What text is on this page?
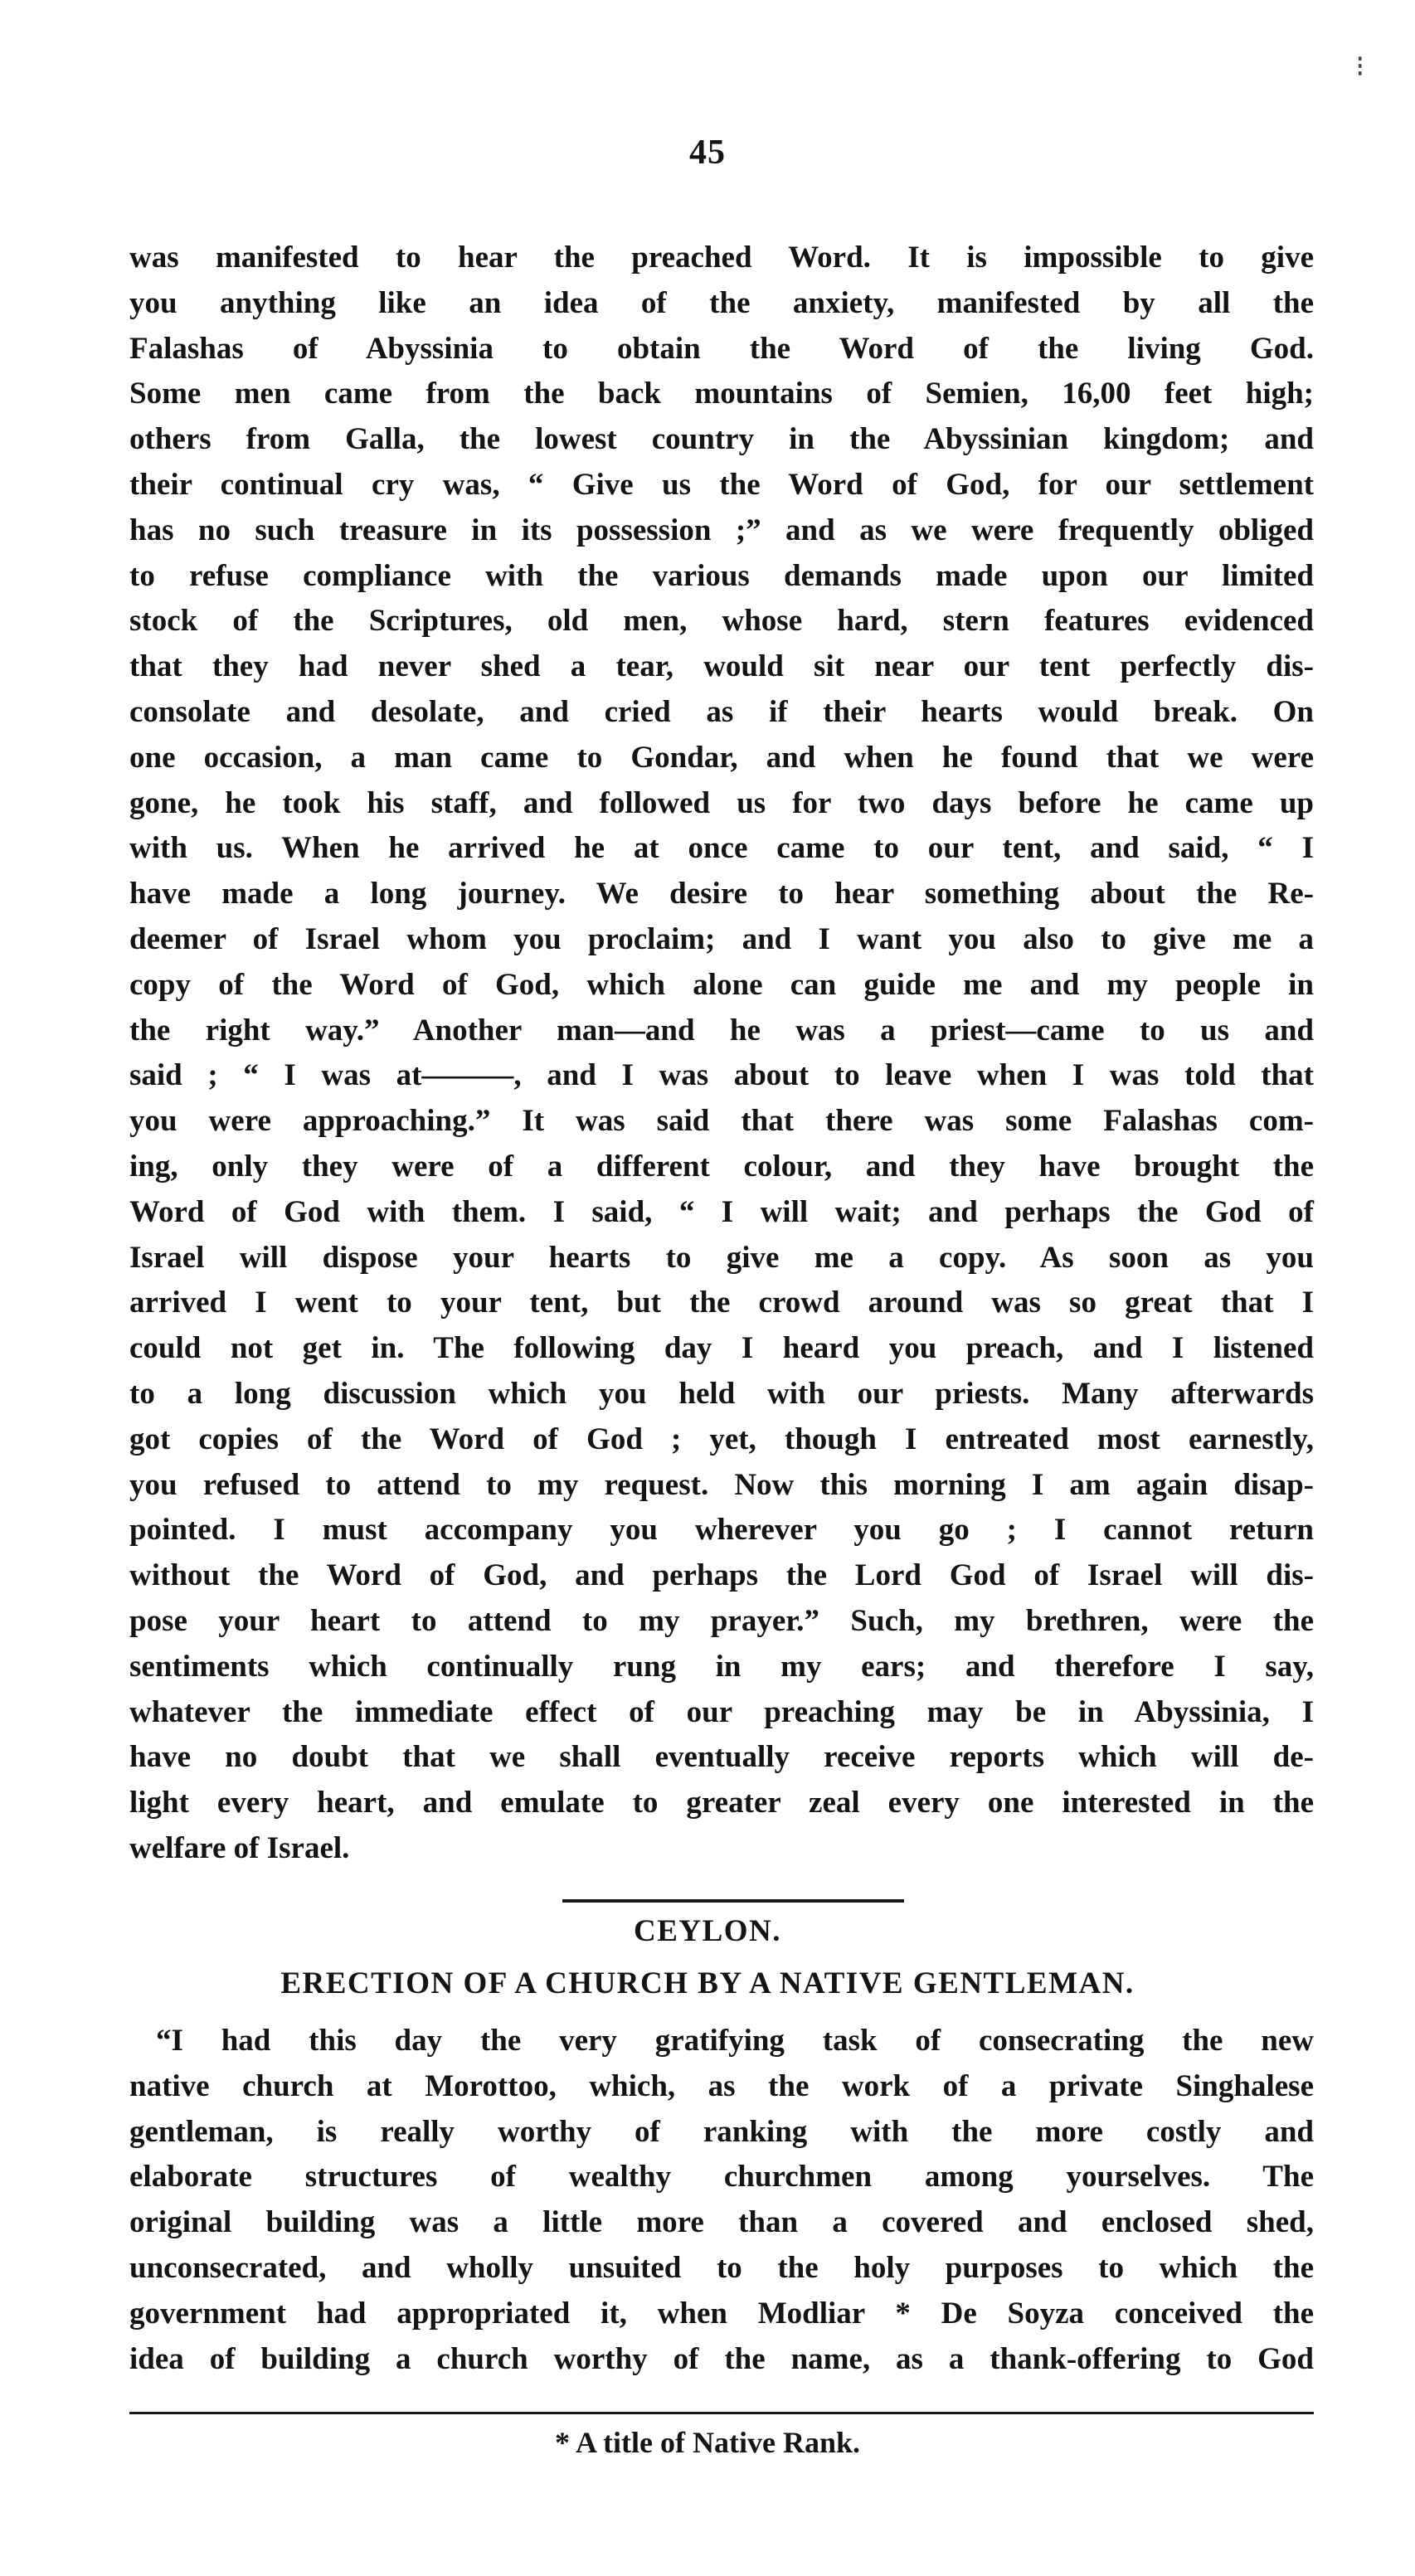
⁝
45
was manifested to hear the preached Word. It is impossible to give
you anything like an idea of the anxiety, manifested by all the
Falashas of Abyssinia to obtain the Word of the living God.
Some men came from the back mountains of Semien, 16,00 feet high;
others from Galla, the lowest country in the Abyssinian kingdom; and
their continual cry was, “ Give us the Word of God, for our settlement
has no such treasure in its possession ;” and as we were frequently obliged
to refuse compliance with the various demands made upon our limited
stock of the Scriptures, old men, whose hard, stern features evidenced
that they had never shed a tear, would sit near our tent perfectly dis-
consolate and desolate, and cried as if their hearts would break. On
one occasion, a man came to Gondar, and when he found that we were
gone, he took his staff, and followed us for two days before he came up
with us. When he arrived he at once came to our tent, and said, “ I
have made a long journey. We desire to hear something about the Re-
deemer of Israel whom you proclaim; and I want you also to give me a
copy of the Word of God, which alone can guide me and my people in
the right way.” Another man—and he was a priest—came to us and
said ; “ I was at———, and I was about to leave when I was told that
you were approaching.” It was said that there was some Falashas com-
ing, only they were of a different colour, and they have brought the
Word of God with them. I said, “ I will wait; and perhaps the God of
Israel will dispose your hearts to give me a copy. As soon as you
arrived I went to your tent, but the crowd around was so great that I
could not get in. The following day I heard you preach, and I listened
to a long discussion which you held with our priests. Many afterwards
got copies of the Word of God ; yet, though I entreated most earnestly,
you refused to attend to my request. Now this morning I am again disap-
pointed. I must accompany you wherever you go ; I cannot return
without the Word of God, and perhaps the Lord God of Israel will dis-
pose your heart to attend to my prayer.” Such, my brethren, were the
sentiments which continually rung in my ears; and therefore I say,
whatever the immediate effect of our preaching may be in Abyssinia, I
have no doubt that we shall eventually receive reports which will de-
light every heart, and emulate to greater zeal every one interested in the
welfare of Israel.
CEYLON.
ERECTION OF A CHURCH BY A NATIVE GENTLEMAN.
“I had this day the very gratifying task of consecrating the new
native church at Morottoo, which, as the work of a private Singhalese
gentleman, is really worthy of ranking with the more costly and
elaborate structures of wealthy churchmen among yourselves. The
original building was a little more than a covered and enclosed shed,
unconsecrated, and wholly unsuited to the holy purposes to which the
government had appropriated it, when Modliar * De Soyza conceived the
idea of building a church worthy of the name, as a thank-offering to God
* A title of Native Rank.
